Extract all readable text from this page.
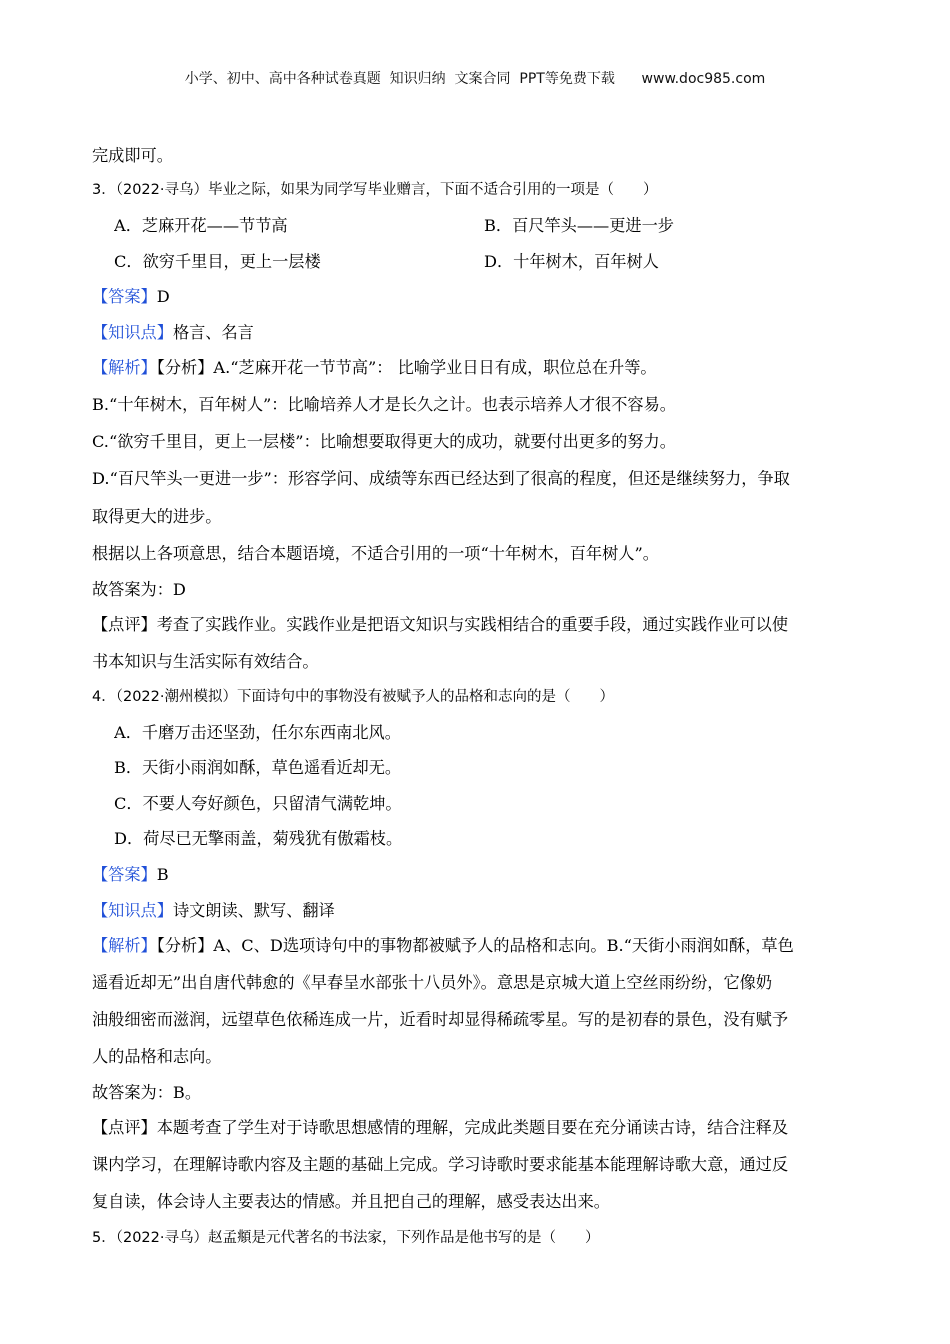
小学、初中、高中各种试卷真题  知识归纳  文案合同  PPT等免费下载      www.doc985.com
完成即可。
3．（2022·寻乌）毕业之际，如果为同学写毕业赠言，下面不适合引用的一项是（　　）
A．芝麻开花——节节高	B．百尺竿头——更进一步
C．欲穷千里目，更上一层楼	D．十年树木，百年树人
【答案】D
【知识点】格言、名言
【解析】【分析】A.“芝麻开花一节节高”： 比喻学业日日有成，职位总在升等。
B.“十年树木，百年树人”：比喻培养人才是长久之计。也表示培养人才很不容易。
C.“欲穷千里目，更上一层楼”：比喻想要取得更大的成功，就要付出更多的努力。
D.“百尺竿头一更进一步”：形容学问、成绩等东西已经达到了很高的程度，但还是继续努力，争取
取得更大的进步。
根据以上各项意思，结合本题语境，不适合引用的一项“十年树木，百年树人”。
故答案为：D
【点评】考查了实践作业。实践作业是把语文知识与实践相结合的重要手段，通过实践作业可以使
书本知识与生活实际有效结合。
4．（2022·潮州模拟）下面诗句中的事物没有被赋予人的品格和志向的是（　　）
A．千磨万击还坚劲，任尔东西南北风。
B．天街小雨润如酥，草色遥看近却无。
C．不要人夸好颜色，只留清气满乾坤。
D．荷尽已无擎雨盖，菊残犹有傲霜枝。
【答案】B
【知识点】诗文朗读、默写、翻译
【解析】【分析】A、C、D选项诗句中的事物都被赋予人的品格和志向。B.“天街小雨润如酥，草色
遥看近却无”出自唐代韩愈的《早春呈水部张十八员外》。意思是京城大道上空丝雨纷纷，它像奶
油般细密而滋润，远望草色依稀连成一片，近看时却显得稀疏零星。写的是初春的景色，没有赋予
人的品格和志向。
故答案为：B。
【点评】本题考查了学生对于诗歌思想感情的理解，完成此类题目要在充分诵读古诗，结合注释及
课内学习，在理解诗歌内容及主题的基础上完成。学习诗歌时要求能基本能理解诗歌大意，通过反
复自读，体会诗人主要表达的情感。并且把自己的理解，感受表达出来。
5．（2022·寻乌）赵孟頫是元代著名的书法家，下列作品是他书写的是（　　）
